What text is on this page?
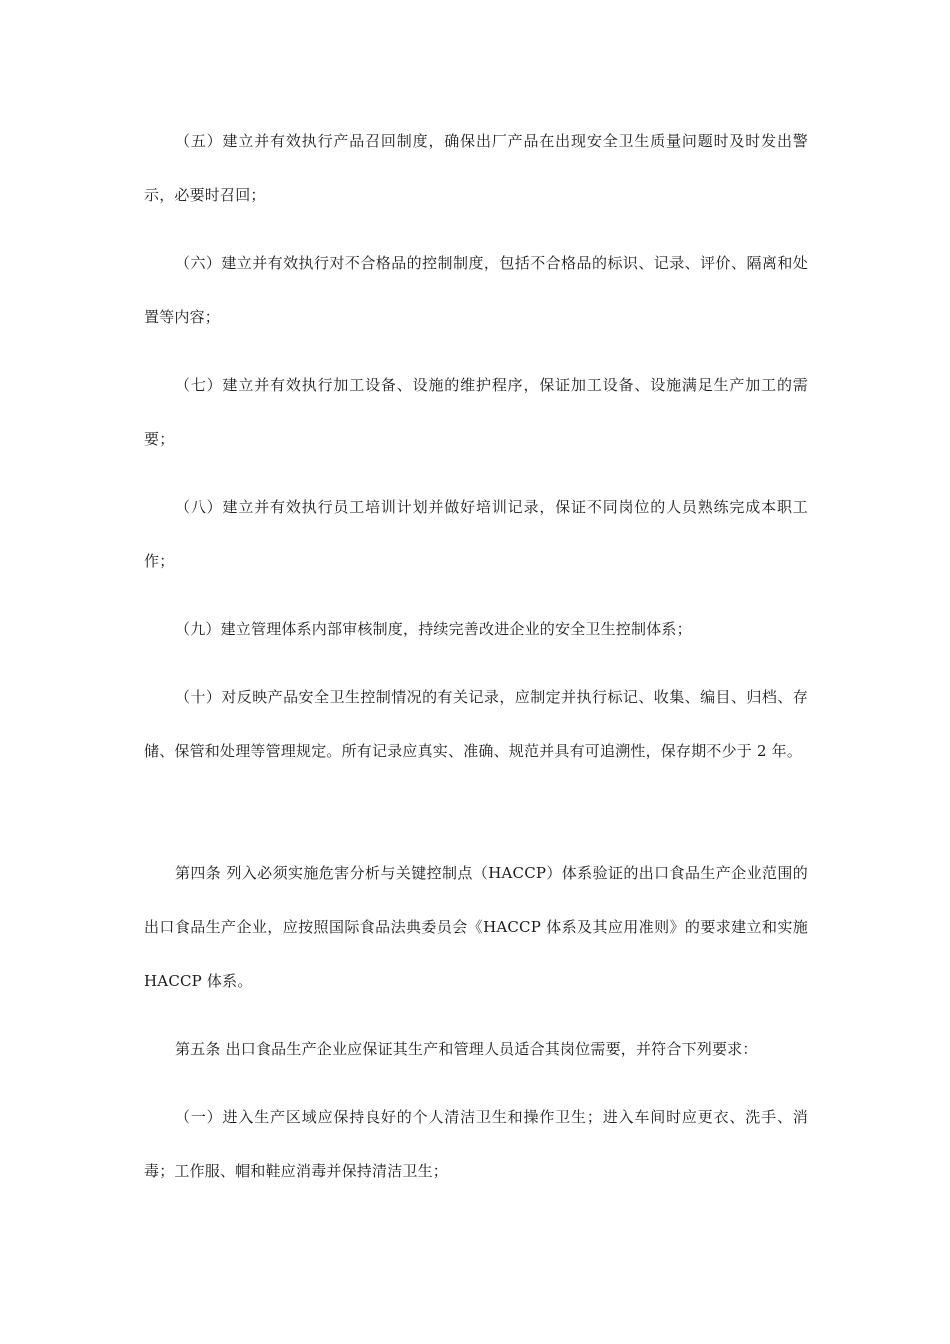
（五）建立并有效执行产品召回制度，确保出厂产品在出现安全卫生质量问题时及时发出警示，必要时召回；

（六）建立并有效执行对不合格品的控制制度，包括不合格品的标识、记录、评价、隔离和处置等内容；

（七）建立并有效执行加工设备、设施的维护程序，保证加工设备、设施满足生产加工的需要；

（八）建立并有效执行员工培训计划并做好培训记录，保证不同岗位的人员熟练完成本职工作；

（九）建立管理体系内部审核制度，持续完善改进企业的安全卫生控制体系；

（十）对反映产品安全卫生控制情况的有关记录，应制定并执行标记、收集、编目、归档、存储、保管和处理等管理规定。所有记录应真实、准确、规范并具有可追溯性，保存期不少于 2 年。

第四条 列入必须实施危害分析与关键控制点（HACCP）体系验证的出口食品生产企业范围的出口食品生产企业，应按照国际食品法典委员会《HACCP 体系及其应用准则》的要求建立和实施 HACCP 体系。

第五条 出口食品生产企业应保证其生产和管理人员适合其岗位需要，并符合下列要求：

（一）进入生产区域应保持良好的个人清洁卫生和操作卫生；进入车间时应更衣、洗手、消毒；工作服、帽和鞋应消毒并保持清洁卫生；
